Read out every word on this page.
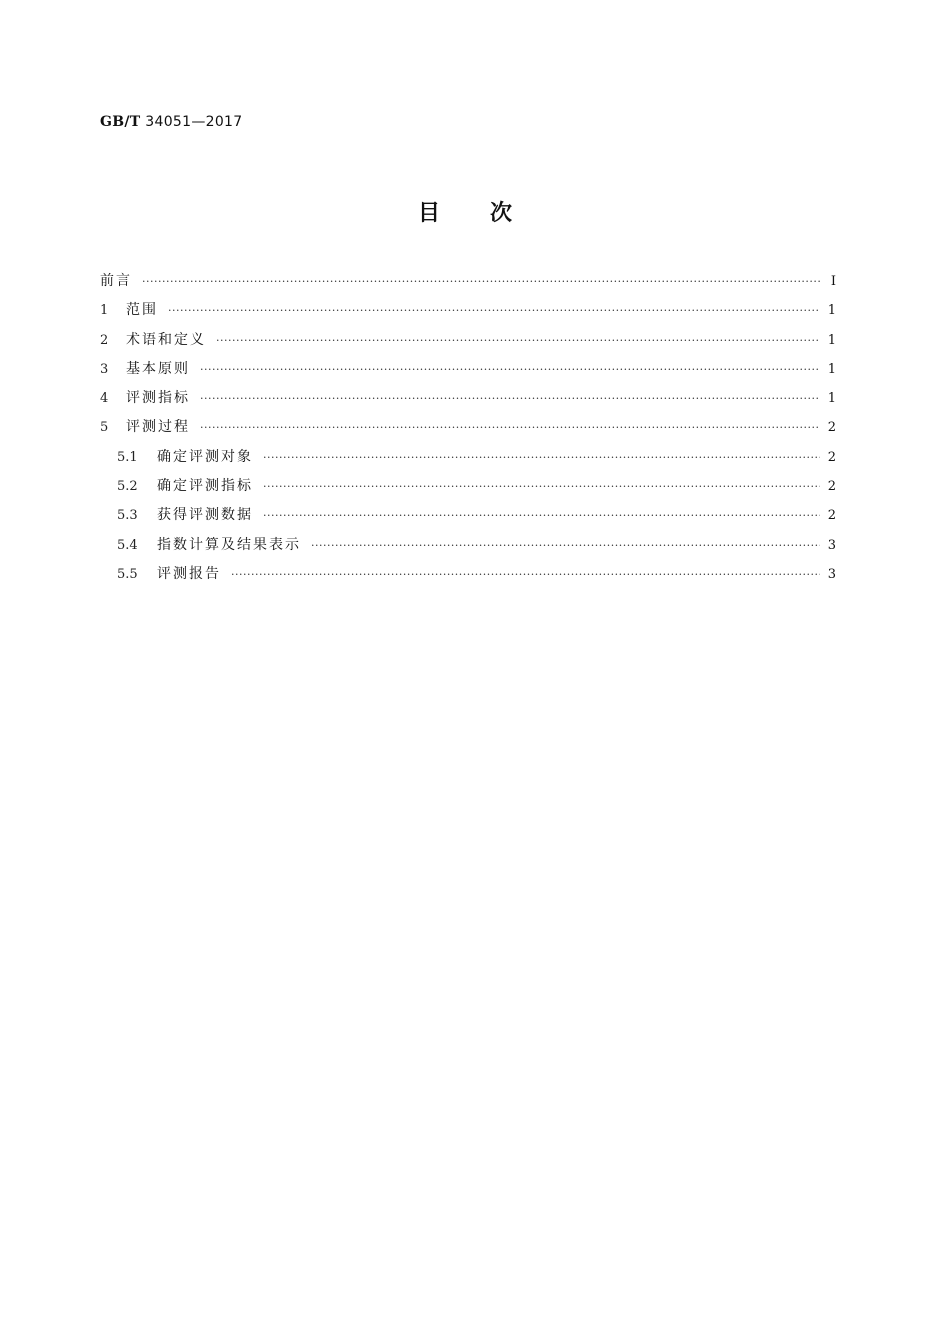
GB/T 34051—2017
目次
前言 ·····	Ⅰ
1	范围 ·····	1
2	术语和定义 ·····	1
3	基本原则 ·····	1
4	评测指标 ·····	1
5	评测过程 ·····	2
5.1	确定评测对象 ·····	2
5.2	确定评测指标 ·····	2
5.3	获得评测数据 ·····	2
5.4	指数计算及结果表示 ·····	3
5.5	评测报告 ·····	3
